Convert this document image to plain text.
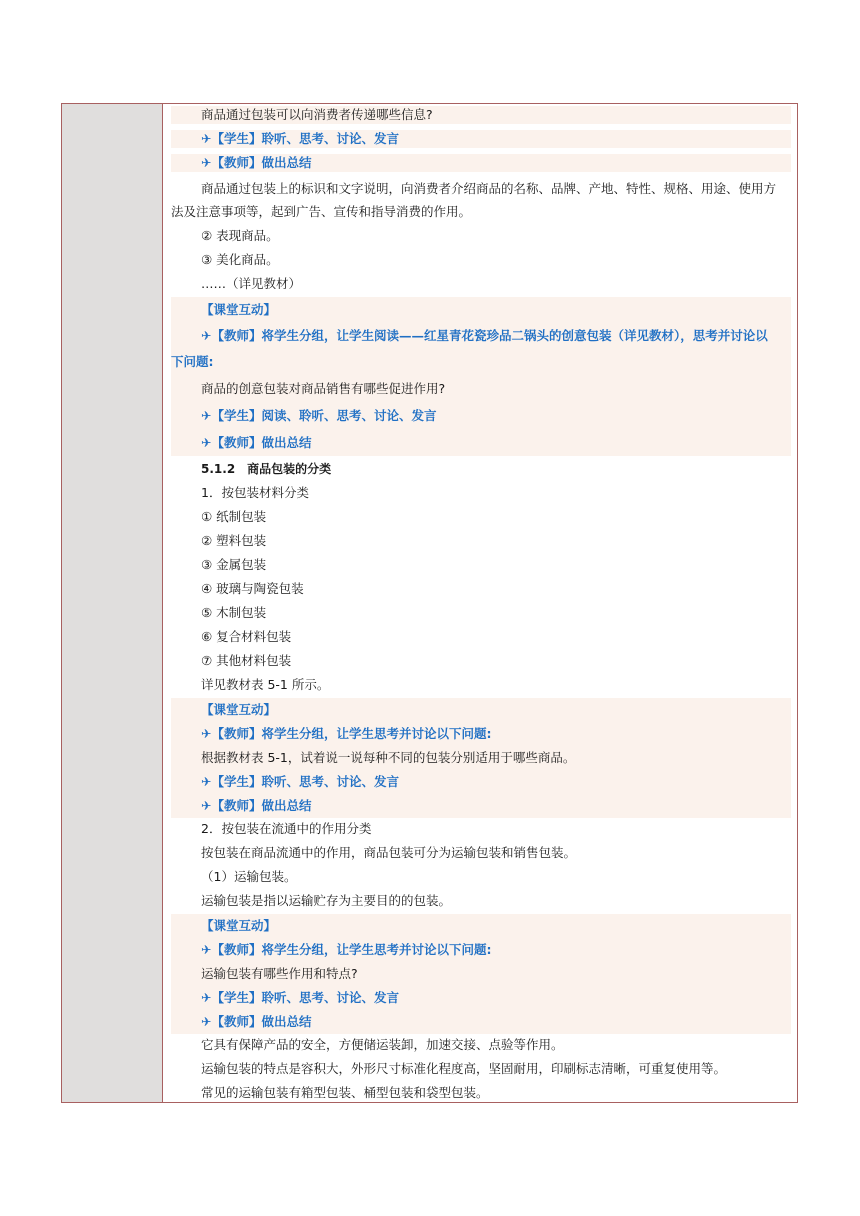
商品通过包装可以向消费者传递哪些信息?
✈【学生】聆听、思考、讨论、发言
✈【教师】做出总结
商品通过包装上的标识和文字说明，向消费者介绍商品的名称、品牌、产地、特性、规格、用途、使用方
法及注意事项等，起到广告、宣传和指导消费的作用。
② 表现商品。
③ 美化商品。
……（详见教材）
【课堂互动】
✈【教师】将学生分组，让学生阅读——红星青花瓷珍品二锅头的创意包装（详见教材），思考并讨论以
下问题:
商品的创意包装对商品销售有哪些促进作用?
✈【学生】阅读、聆听、思考、讨论、发言
✈【教师】做出总结
5.1.2　商品包装的分类
1．按包装材料分类
① 纸制包装
② 塑料包装
③ 金属包装
④ 玻璃与陶瓷包装
⑤ 木制包装
⑥ 复合材料包装
⑦ 其他材料包装
详见教材表 5-1 所示。
【课堂互动】
✈【教师】将学生分组，让学生思考并讨论以下问题:
根据教材表 5-1，试着说一说每种不同的包装分别适用于哪些商品。
✈【学生】聆听、思考、讨论、发言
✈【教师】做出总结
2．按包装在流通中的作用分类
按包装在商品流通中的作用，商品包装可分为运输包装和销售包装。
（1）运输包装。
运输包装是指以运输贮存为主要目的的包装。
【课堂互动】
✈【教师】将学生分组，让学生思考并讨论以下问题:
运输包装有哪些作用和特点?
✈【学生】聆听、思考、讨论、发言
✈【教师】做出总结
它具有保障产品的安全，方便储运装卸，加速交接、点验等作用。
运输包装的特点是容积大，外形尺寸标准化程度高，坚固耐用，印刷标志清晰，可重复使用等。
常见的运输包装有箱型包装、桶型包装和袋型包装。
